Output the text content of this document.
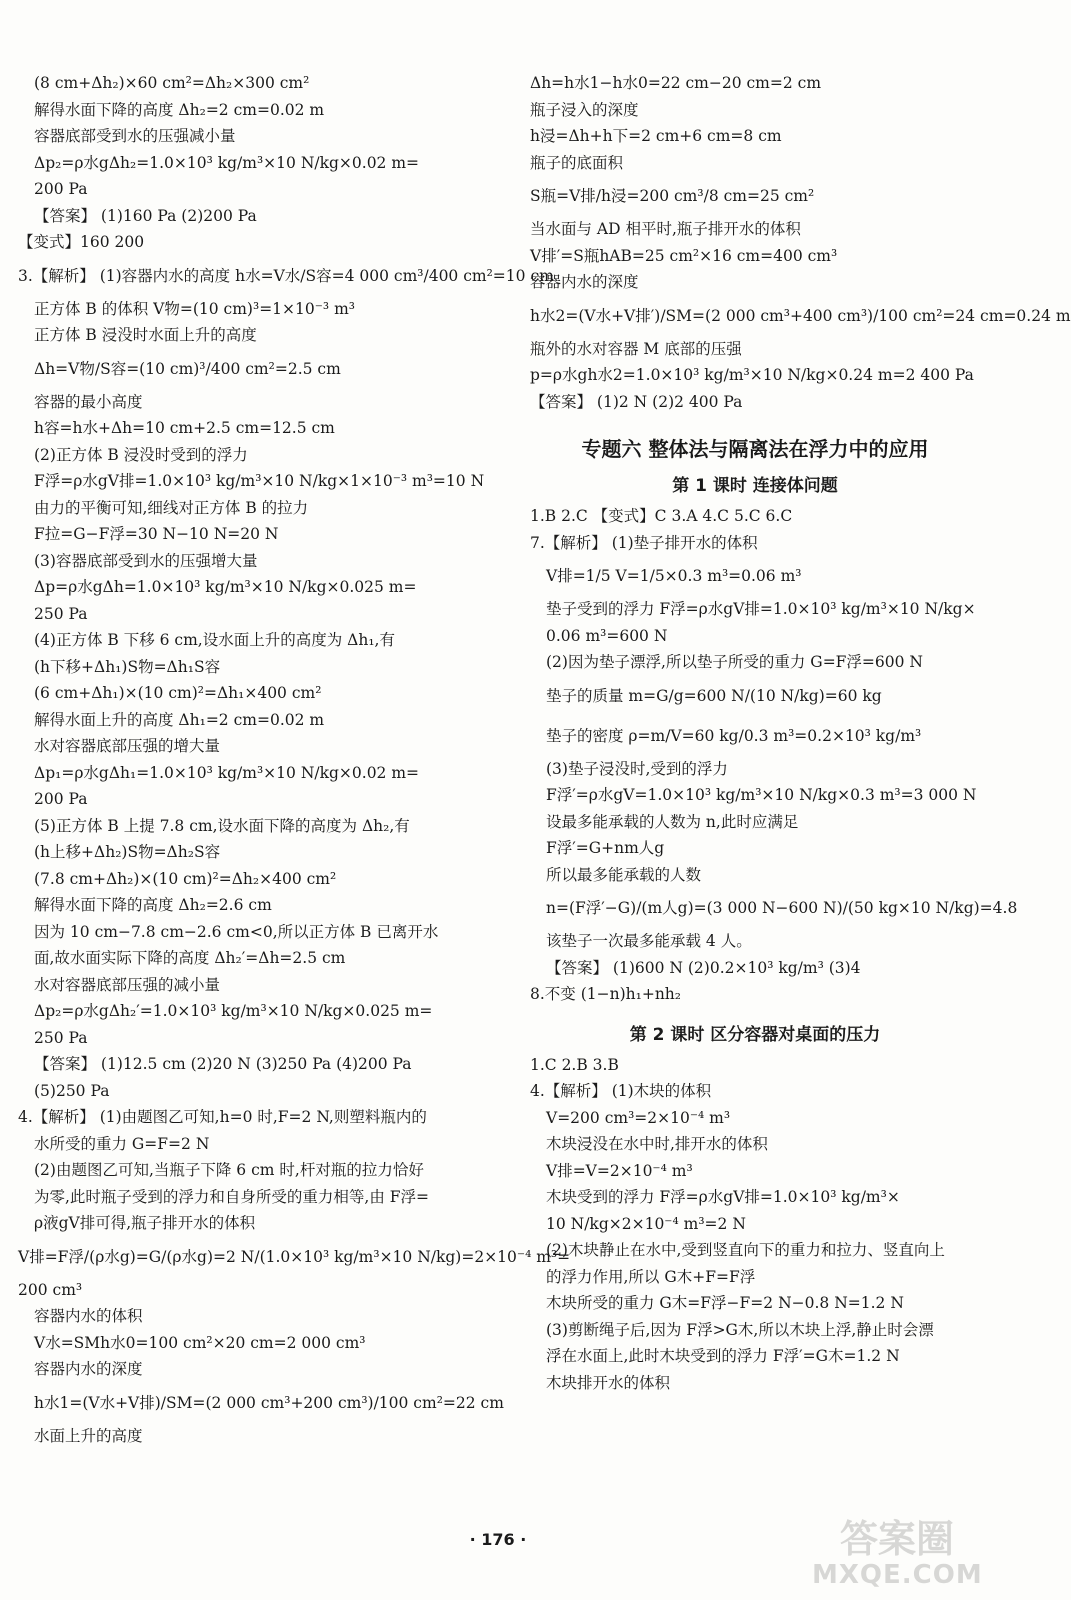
(8 cm+Δh₂)×60 cm²=Δh₂×300 cm²
解得水面下降的高度 Δh₂=2 cm=0.02 m
容器底部受到水的压强减小量
Δp₂=ρ水gΔh₂=1.0×10³ kg/m³×10 N/kg×0.02 m=
200 Pa
【答案】 (1)160 Pa (2)200 Pa
【变式】160 200
3.【解析】 (1)容器内水的高度 h水=V水/S容=4 000 cm³/400 cm²=10 cm
正方体 B 的体积 V物=(10 cm)³=1×10⁻³ m³
正方体 B 浸没时水面上升的高度
Δh=V物/S容=(10 cm)³/400 cm²=2.5 cm
容器的最小高度
h容=h水+Δh=10 cm+2.5 cm=12.5 cm
(2)正方体 B 浸没时受到的浮力
F浮=ρ水gV排=1.0×10³ kg/m³×10 N/kg×1×10⁻³ m³=10 N
由力的平衡可知,细线对正方体 B 的拉力
F拉=G−F浮=30 N−10 N=20 N
(3)容器底部受到水的压强增大量
Δp=ρ水gΔh=1.0×10³ kg/m³×10 N/kg×0.025 m=
250 Pa
(4)正方体 B 下移 6 cm,设水面上升的高度为 Δh₁,有
(h下移+Δh₁)S物=Δh₁S容
(6 cm+Δh₁)×(10 cm)²=Δh₁×400 cm²
解得水面上升的高度 Δh₁=2 cm=0.02 m
水对容器底部压强的增大量
Δp₁=ρ水gΔh₁=1.0×10³ kg/m³×10 N/kg×0.02 m=
200 Pa
(5)正方体 B 上提 7.8 cm,设水面下降的高度为 Δh₂,有
(h上移+Δh₂)S物=Δh₂S容
(7.8 cm+Δh₂)×(10 cm)²=Δh₂×400 cm²
解得水面下降的高度 Δh₂=2.6 cm
因为 10 cm−7.8 cm−2.6 cm<0,所以正方体 B 已离开水
面,故水面实际下降的高度 Δh₂′=Δh=2.5 cm
水对容器底部压强的减小量
Δp₂=ρ水gΔh₂′=1.0×10³ kg/m³×10 N/kg×0.025 m=
250 Pa
【答案】 (1)12.5 cm (2)20 N (3)250 Pa (4)200 Pa
(5)250 Pa
4.【解析】 (1)由题图乙可知,h=0 时,F=2 N,则塑料瓶内的
水所受的重力 G=F=2 N
(2)由题图乙可知,当瓶子下降 6 cm 时,杆对瓶的拉力恰好
为零,此时瓶子受到的浮力和自身所受的重力相等,由 F浮=
ρ液gV排可得,瓶子排开水的体积
V排=F浮/(ρ水g)=G/(ρ水g)=2 N/(1.0×10³ kg/m³×10 N/kg)=2×10⁻⁴ m³=
200 cm³
容器内水的体积
V水=SMh水0=100 cm²×20 cm=2 000 cm³
容器内水的深度
h水1=(V水+V排)/SM=(2 000 cm³+200 cm³)/100 cm²=22 cm
水面上升的高度
Δh=h水1−h水0=22 cm−20 cm=2 cm
瓶子浸入的深度
h浸=Δh+h下=2 cm+6 cm=8 cm
瓶子的底面积
S瓶=V排/h浸=200 cm³/8 cm=25 cm²
当水面与 AD 相平时,瓶子排开水的体积
V排′=S瓶hAB=25 cm²×16 cm=400 cm³
容器内水的深度
h水2=(V水+V排′)/SM=(2 000 cm³+400 cm³)/100 cm²=24 cm=0.24 m
瓶外的水对容器 M 底部的压强
p=ρ水gh水2=1.0×10³ kg/m³×10 N/kg×0.24 m=2 400 Pa
【答案】 (1)2 N (2)2 400 Pa
专题六 整体法与隔离法在浮力中的应用
第 1 课时 连接体问题
1.B 2.C 【变式】C 3.A 4.C 5.C 6.C
7.【解析】 (1)垫子排开水的体积
V排=1/5 V=1/5×0.3 m³=0.06 m³
垫子受到的浮力 F浮=ρ水gV排=1.0×10³ kg/m³×10 N/kg×
0.06 m³=600 N
(2)因为垫子漂浮,所以垫子所受的重力 G=F浮=600 N
垫子的质量 m=G/g=600 N/(10 N/kg)=60 kg
垫子的密度 ρ=m/V=60 kg/0.3 m³=0.2×10³ kg/m³
(3)垫子浸没时,受到的浮力
F浮′=ρ水gV=1.0×10³ kg/m³×10 N/kg×0.3 m³=3 000 N
设最多能承载的人数为 n,此时应满足
F浮′=G+nm人g
所以最多能承载的人数
n=(F浮′−G)/(m人g)=(3 000 N−600 N)/(50 kg×10 N/kg)=4.8
该垫子一次最多能承载 4 人。
【答案】 (1)600 N (2)0.2×10³ kg/m³ (3)4
8.不变 (1−n)h₁+nh₂
第 2 课时 区分容器对桌面的压力
1.C 2.B 3.B
4.【解析】 (1)木块的体积
V=200 cm³=2×10⁻⁴ m³
木块浸没在水中时,排开水的体积
V排=V=2×10⁻⁴ m³
木块受到的浮力 F浮=ρ水gV排=1.0×10³ kg/m³×
10 N/kg×2×10⁻⁴ m³=2 N
(2)木块静止在水中,受到竖直向下的重力和拉力、竖直向上
的浮力作用,所以 G木+F=F浮
木块所受的重力 G木=F浮−F=2 N−0.8 N=1.2 N
(3)剪断绳子后,因为 F浮>G木,所以木块上浮,静止时会漂
浮在水面上,此时木块受到的浮力 F浮′=G木=1.2 N
木块排开水的体积
· 176 ·	答案圈
MXQE.COM
